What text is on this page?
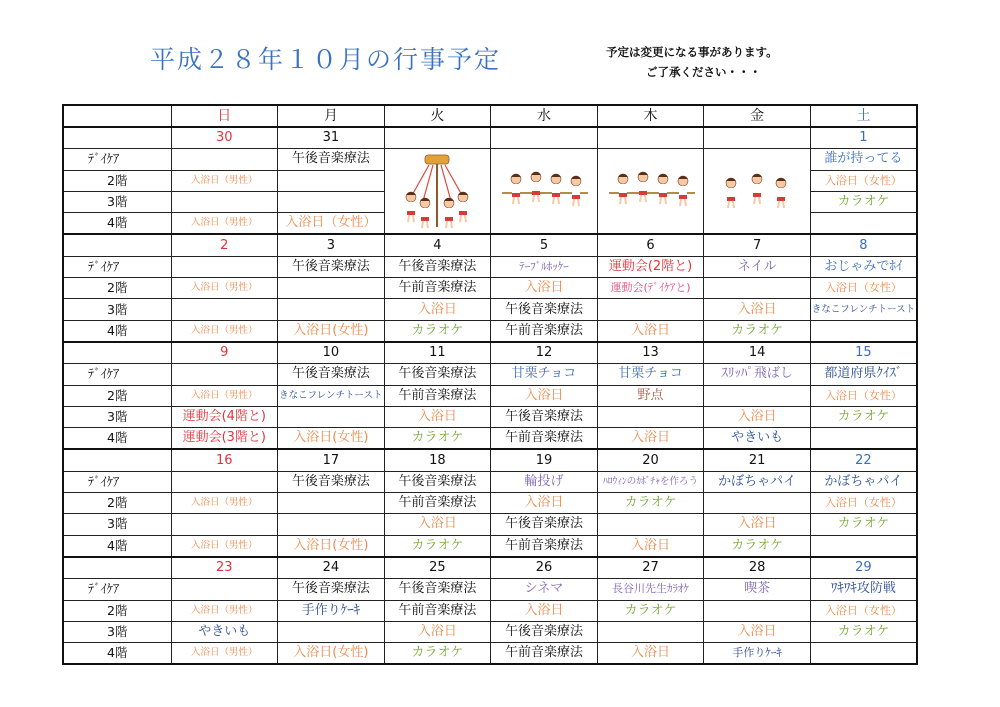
平成２８年１０月の行事予定	予定は変更になる事があります。
ご了承ください・・・
	日	月	火	水	木	金	土
	30	31					1
ﾃﾞｲｹｱ		午後音楽療法					誰が持ってる
2階	入浴日（男性）						入浴日（女性）
3階							カラオケ
4階	入浴日（男性）	入浴日（女性）					
	2	3	4	5	6	7	8
ﾃﾞｲｹｱ		午後音楽療法	午後音楽療法	ﾃｰﾌﾞﾙﾎｯｹｰ	運動会(2階と)	ネイル	おじゃみでﾎｲ
2階	入浴日（男性）		午前音楽療法	入浴日	運動会(ﾃﾞｲｹｱと)		入浴日（女性）
3階			入浴日	午後音楽療法		入浴日	きなこフレンチトースト
4階	入浴日（男性）	入浴日(女性)	カラオケ	午前音楽療法	入浴日	カラオケ	
	9	10	11	12	13	14	15
ﾃﾞｲｹｱ		午後音楽療法	午後音楽療法	甘栗チョコ	甘栗チョコ	ｽﾘｯﾊﾟ飛ばし	都道府県ｸｲｽﾞ
2階	入浴日（男性）	きなこフレンチトースト	午前音楽療法	入浴日	野点		入浴日（女性）
3階	運動会(4階と)		入浴日	午後音楽療法		入浴日	カラオケ
4階	運動会(3階と)	入浴日(女性)	カラオケ	午前音楽療法	入浴日	やきいも	
	16	17	18	19	20	21	22
ﾃﾞｲｹｱ		午後音楽療法	午後音楽療法	輪投げ	ﾊﾛｳｨﾝのｶﾎﾞﾁｬを作ろう	かぼちゃパイ	かぼちゃパイ
2階	入浴日（男性）		午前音楽療法	入浴日	カラオケ		入浴日（女性）
3階			入浴日	午後音楽療法		入浴日	カラオケ
4階	入浴日（男性）	入浴日(女性)	カラオケ	午前音楽療法	入浴日	カラオケ	
	23	24	25	26	27	28	29
ﾃﾞｲｹｱ		午後音楽療法	午後音楽療法	シネマ	長谷川先生ｶﾗｵｹ	喫茶	ﾜｷﾜｷ攻防戦
2階	入浴日（男性）	手作りｹｰｷ	午前音楽療法	入浴日	カラオケ		入浴日（女性）
3階	やきいも		入浴日	午後音楽療法		入浴日	カラオケ
4階	入浴日（男性）	入浴日(女性)	カラオケ	午前音楽療法	入浴日	手作りｹｰｷ	
